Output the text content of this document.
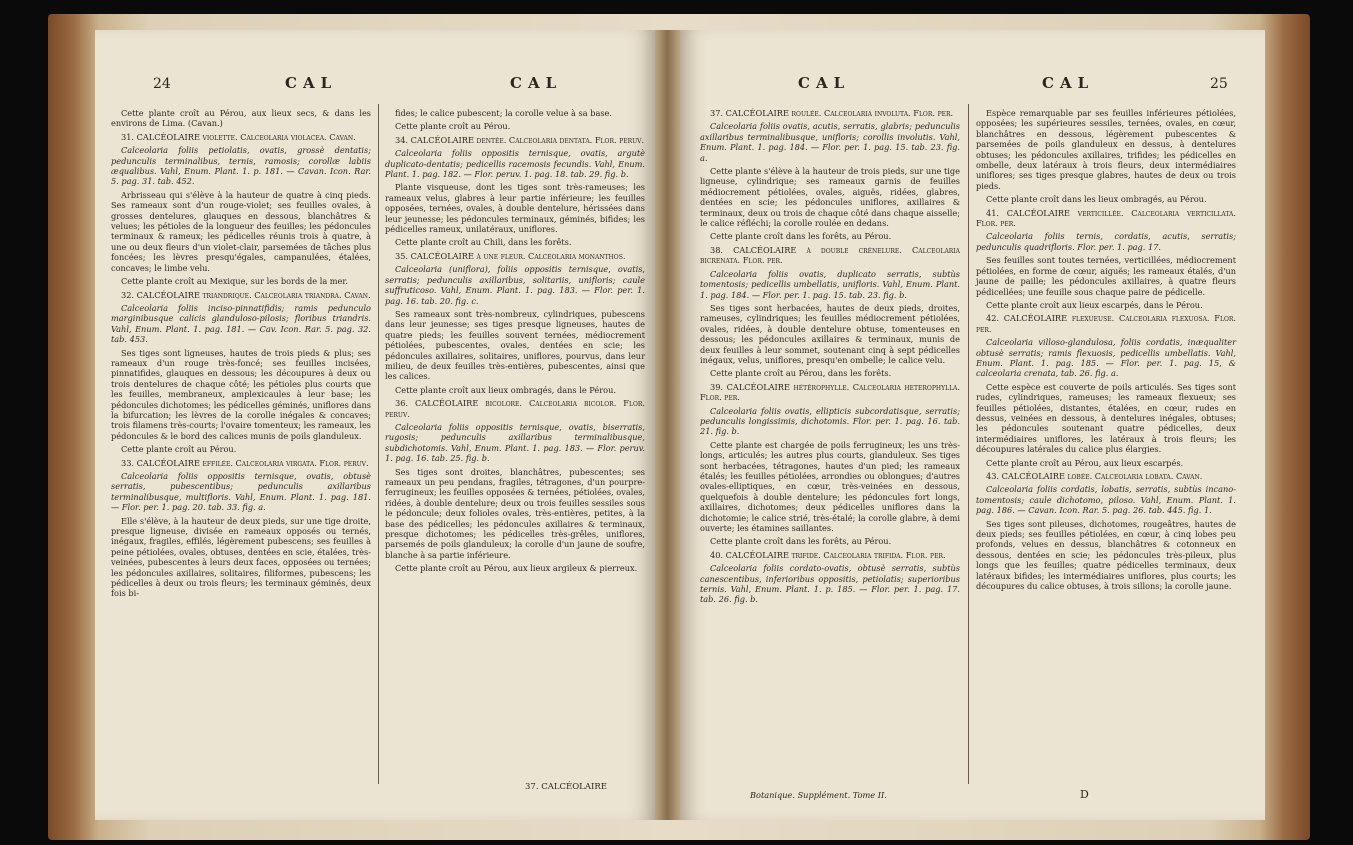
24	CAL	CAL

Cette plante croît au Pérou, aux lieux secs, & dans les environs de Lima. (Cavan.)

31. CALCÉOLAIRE violette. Calceolaria violacea. Cavan.

Calceolaria foliis petiolatis, ovatis, grossè dentatis; pedunculis terminalibus, ternis, ramosis; corollæ labiis æqualibus. Vahl, Enum. Plant. 1. p. 181. — Cavan. Icon. Rar. 5. pag. 31. tab. 452.

Arbrisseau qui s'élève à la hauteur de quatre à cinq pieds. Ses rameaux sont d'un rouge-violet; ses feuilles ovales, à grosses dentelures, glauques en dessous, blanchâtres & velues; les pétioles de la longueur des feuilles; les pédoncules terminaux & rameux; les pédicelles réunis trois à quatre, à une ou deux fleurs d'un violet-clair, parsemées de tâches plus foncées; les lèvres presqu'égales, campanulées, étalées, concaves; le limbe velu.

Cette plante croît au Mexique, sur les bords de la mer.

32. CALCÉOLAIRE triandrique. Calceolaria triandra. Cavan.

Calceolaria foliis inciso-pinnatifidis; ramis pedunculo marginibusque calicis glandulosо-pilosis; floribus triandris. Vahl, Enum. Plant. 1. pag. 181. — Cav. Icon. Rar. 5. pag. 32. tab. 453.

Ses tiges sont ligneuses, hautes de trois pieds & plus; ses rameaux d'un rouge très-foncé; ses feuilles incisées, pinnatifides, glauques en dessous; les découpures à deux ou trois dentelures de chaque côté; les pétioles plus courts que les feuilles, membraneux, amplexicaules à leur base; les pédoncules dichotomes; les pédicelles géminés, uniflores dans la bifurcation; les lèvres de la corolle inégales & concaves; trois filamens très-courts; l'ovaire tomenteux; les rameaux, les pédoncules & le bord des calices munis de poils glanduleux.

Cette plante croît au Pérou.

33. CALCÉOLAIRE effilée. Calceolaria virgata. Flor. peruv.

Calceolaria foliis oppositis ternisque, ovatis, obtusè serratis, pubescentibus; pedunculis axillaribus terminalibusque, multifloris. Vahl, Enum. Plant. 1. pag. 181. — Flor. per. 1. pag. 20. tab. 33. fig. a.

Elle s'élève, à la hauteur de deux pieds, sur une tige droite, presque ligneuse, divisée en rameaux opposés ou ternés, inégaux, fragiles, effilés, légèrement pubescens; ses feuilles à peine pétiolées, ovales, obtuses, dentées en scie, étalées, très-veinées, pubescentes à leurs deux faces, opposées ou ternées; les pédoncules axillaires, solitaires, filiformes, pubescens; les pédicelles à deux ou trois fleurs; les terminaux géminés, deux fois bi-

fides; le calice pubescent; la corolle velue à sa base.

Cette plante croît au Pérou.

34. CALCÉOLAIRE dentée. Calceolaria dentata. Flor. peruv.

Calceolaria foliis oppositis ternisque, ovatis, argutè duplicato-dentatis; pedicellis racemosis fecundis. Vahl, Enum. Plant. 1. pag. 182. — Flor. peruv. 1. pag. 18. tab. 29. fig. b.

Plante visqueuse, dont les tiges sont très-rameuses; les rameaux velus, glabres à leur partie inférieure; les feuilles opposées, ternées, ovales, à double dentelure, hérissées dans leur jeunesse; les pédoncules terminaux, géminés, bifides; les pédicelles rameux, unilatéraux, uniflores.

Cette plante croît au Chili, dans les forêts.

35. CALCÉOLAIRE à une fleur. Calceolaria monanthos.

Calceolaria (uniflora), foliis oppositis ternisque, ovatis, serratis; pedunculis axillaribus, solitariis, unifloris; caule suffruticoso. Vahl, Enum. Plant. 1. pag. 183. — Flor. per. 1. pag. 16. tab. 20. fig. c.

Ses rameaux sont très-nombreux, cylindriques, pubescens dans leur jeunesse; ses tiges presque ligneuses, hautes de quatre pieds; les feuilles souvent ternées, médiocrement pétiolées, pubescentes, ovales, dentées en scie; les pédoncules axillaires, solitaires, uniflores, pourvus, dans leur milieu, de deux feuilles très-entières, pubescentes, ainsi que les calices.

Cette plante croît aux lieux ombragés, dans le Pérou.

36. CALCÉOLAIRE bicolore. Calceolaria bicolor. Flor. peruv.

Calceolaria foliis oppositis ternisque, ovatis, biserratis, rugosis; pedunculis axillaribus terminalibusque, subdichotomis. Vahl, Enum. Plant. 1. pag. 183. — Flor. peruv. 1. pag. 16. tab. 25. fig. b.

Ses tiges sont droites, blanchâtres, pubescentes; ses rameaux un peu pendans, fragiles, tétragones, d'un pourpre-ferrugineux; les feuilles opposées & ternées, pétiolées, ovales, ridées, à double dentelure; deux ou trois feuilles sessiles sous le pédoncule; deux folioles ovales, très-entières, petites, à la base des pédicelles; les pédoncules axillaires & terminaux, presque dichotomes; les pédicelles très-grêles, uniflores, parsemés de poils glanduleux; la corolle d'un jaune de soufre, blanche à sa partie inférieure.

Cette plante croît au Pérou, aux lieux argileux & pierreux.

37. CALCÉOLAIRE
CAL	CAL	25

37. CALCÉOLAIRE roulée. Calceolaria involuta. Flor. per.

Calceolaria foliis ovatis, acutis, serratis, glabris; pedunculis axillaribus terminalibusque, unifloris; corollis involutis. Vahl, Enum. Plant. 1. pag. 184. — Flor. per. 1. pag. 15. tab. 23. fig. a.

Cette plante s'élève à la hauteur de trois pieds, sur une tige ligneuse, cylindrique; ses rameaux garnis de feuilles médiocrement pétiolées, ovales, aiguës, ridées, glabres, dentées en scie; les pédoncules uniflores, axillaires & terminaux, deux ou trois de chaque côté dans chaque aisselle; le calice réfléchi; la corolle roulée en dedans.

Cette plante croît dans les forêts, au Pérou.

38. CALCÉOLAIRE à double crénelure. Calceolaria bicrenata. Flor. per.

Calceolaria foliis ovatis, duplicato serratis, subtùs tomentosis; pedicellis umbellatis, unifloris. Vahl, Enum. Plant. 1. pag. 184. — Flor. per. 1. pag. 15. tab. 23. fig. b.

Ses tiges sont herbacées, hautes de deux pieds, droites, rameuses, cylindriques; les feuilles médiocrement pétiolées, ovales, ridées, à double dentelure obtuse, tomenteuses en dessous; les pédoncules axillaires & terminaux, munis de deux feuilles à leur sommet, soutenant cinq à sept pédicelles inégaux, velus, uniflores, presqu'en ombelle; le calice velu.

Cette plante croît au Pérou, dans les forêts.

39. CALCÉOLAIRE hétérophylle. Calceolaria heterophylla. Flor. per.

Calceolaria foliis ovatis, ellipticis subcordatisque, serratis; pedunculis longissimis, dichotomis. Flor. per. 1. pag. 16. tab. 21. fig. b.

Cette plante est chargée de poils ferrugineux; les uns très-longs, articulés; les autres plus courts, glanduleux. Ses tiges sont herbacées, tétragones, hautes d'un pied; les rameaux étalés; les feuilles pétiolées, arrondies ou oblongues; d'autres ovales-elliptiques, en cœur, très-veinées en dessous, quelquefois à double dentelure; les pédoncules fort longs, axillaires, dichotomes; deux pédicelles uniflores dans la dichotomie; le calice strié, très-étalé; la corolle glabre, à demi ouverte; les étamines saillantes.

Cette plante croît dans les forêts, au Pérou.

40. CALCÉOLAIRE trifide. Calceolaria trifida. Flor. per.

Calceolaria foliis cordato-ovatis, obtusè serratis, subtùs canescentibus, inferioribus oppositis, petiolatis; superioribus ternis. Vahl, Enum. Plant. 1. p. 185. — Flor. per. 1. pag. 17. tab. 26. fig. b.

Espèce remarquable par ses feuilles inférieures pétiolées, opposées; les supérieures sessiles, ternées, ovales, en cœur, blanchâtres en dessous, légèrement pubescentes & parsemées de poils glanduleux en dessus, à dentelures obtuses; les pédoncules axillaires, trifides; les pédicelles en ombelle, deux latéraux à trois fleurs, deux intermédiaires uniflores; ses tiges presque glabres, hautes de deux ou trois pieds.

Cette plante croît dans les lieux ombragés, au Pérou.

41. CALCÉOLAIRE verticillée. Calceolaria verticillata. Flor. per.

Calceolaria foliis ternis, cordatis, acutis, serratis; pedunculis quadrifloris. Flor. per. 1. pag. 17.

Ses feuilles sont toutes ternées, verticillées, médiocrement pétiolées, en forme de cœur, aiguës; les rameaux étalés, d'un jaune de paille; les pédoncules axillaires, à quatre fleurs pédicellées; une feuille sous chaque paire de pédicelle.

Cette plante croît aux lieux escarpés, dans le Pérou.

42. CALCÉOLAIRE flexueuse. Calceolaria flexuosa. Flor. per.

Calceolaria villoso-glandulosa, foliis cordatis, inæqualiter obtusè serratis; ramis flexuosis, pedicellis umbellatis. Vahl, Enum. Plant. 1. pag. 185. — Flor. per. 1. pag. 15, & calceolaria crenata, tab. 26. fig. a.

Cette espèce est couverte de poils articulés. Ses tiges sont rudes, cylindriques, rameuses; les rameaux flexueux; ses feuilles pétiolées, distantes, étalées, en cœur, rudes en dessus, veinées en dessous, à dentelures inégales, obtuses; les pédoncules soutenant quatre pédicelles, deux intermédiaires uniflores, les latéraux à trois fleurs; les découpures latérales du calice plus élargies.

Cette plante croît au Pérou, aux lieux escarpés.

43. CALCÉOLAIRE lobée. Calceolaria lobata. Cavan.

Calceolaria foliis cordatis, lobatis, serratis, subtùs incano-tomentosis; caule dichotomo, piloso. Vahl, Enum. Plant. 1. pag. 186. — Cavan. Icon. Rar. 5. pag. 26. tab. 445. fig. 1.

Ses tiges sont pileuses, dichotomes, rougeâtres, hautes de deux pieds; ses feuilles pétiolées, en cœur, à cinq lobes peu profonds, velues en dessus, blanchâtres & cotonneux en dessous, dentées en scie; les pédoncules très-pileux, plus longs que les feuilles; quatre pédicelles terminaux, deux latéraux bifides; les intermédiaires uniflores, plus courts; les découpures du calice obtuses, à trois sillons; la corolle jaune.

Botanique. Supplément. Tome II.	D
